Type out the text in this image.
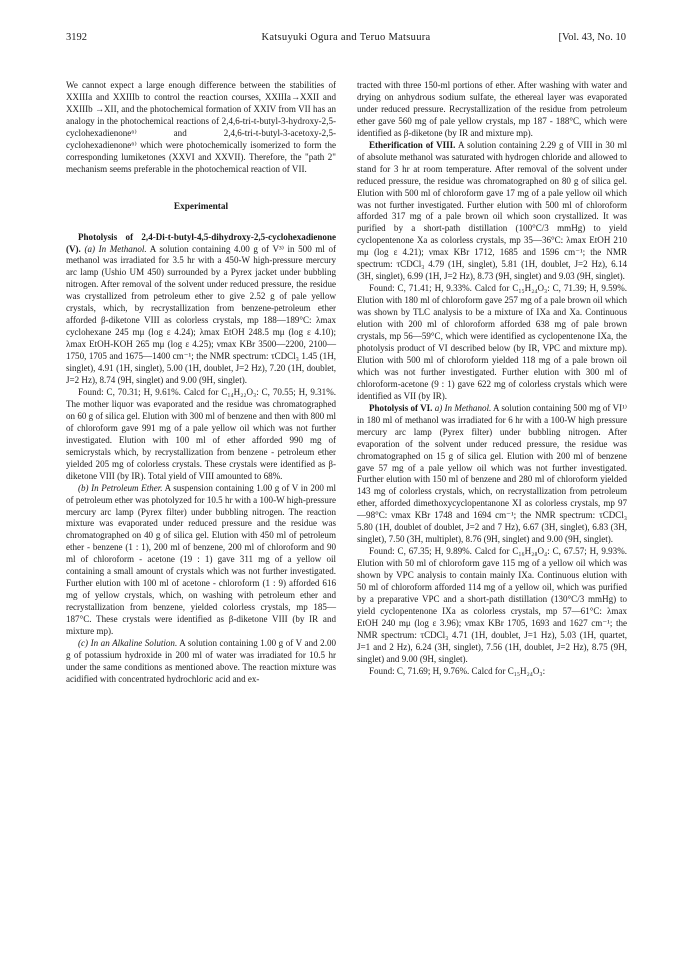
3192	Katsuyuki Ogura and Teruo Matsuura	[Vol. 43, No. 10

We cannot expect a large enough difference between the stabilities of XXIIIa and XXIIIb to control the reaction courses, XXIIIa→XXII and XXIIIb →XII, and the photochemical formation of XXIV from VII has an analogy in the photochemical reactions of 2,4,6-tri-t-butyl-3-hydroxy-2,5-cyclohexadienone⁶⁾ and 2,4,6-tri-t-butyl-3-acetoxy-2,5-cyclohexadienone⁶⁾ which were photochemically isomerized to form the corresponding lumiketones (XXVI and XXVII). Therefore, the "path 2" mechanism seems preferable in the photochemical reaction of VII.

Experimental

Photolysis of 2,4-Di-t-butyl-4,5-dihydroxy-2,5-cyclohexadienone (V). (a) In Methanol. A solution containing 4.00 g of V³⁾ in 500 ml of methanol was irradiated for 3.5 hr with a 450-W high-pressure mercury arc lamp (Ushio UM 450) surrounded by a Pyrex jacket under bubbling nitrogen. After removal of the solvent under reduced pressure, the residue was crystallized from petroleum ether to give 2.52 g of pale yellow crystals, which, by recrystallization from benzene-petroleum ether afforded β-diketone VIII as colorless crystals, mp 188—189°C: λmax cyclohexane 245 mμ (log ε 4.24); λmax EtOH 248.5 mμ (log ε 4.10); λmax EtOH-KOH 265 mμ (log ε 4.25); νmax KBr 3500—2200, 2100—1750, 1705 and 1675—1400 cm⁻¹; the NMR spectrum: τCDCl₃ 1.45 (1H, singlet), 4.91 (1H, singlet), 5.00 (1H, doublet, J=2 Hz), 7.20 (1H, doublet, J=2 Hz), 8.74 (9H, singlet) and 9.00 (9H, singlet).

Found: C, 70.31; H, 9.61%. Calcd for C₁₄H₂₂O₃: C, 70.55; H, 9.31%. The mother liquor was evaporated and the residue was chromatographed on 60 g of silica gel. Elution with 300 ml of benzene and then with 800 ml of chloroform gave 991 mg of a pale yellow oil which was not further investigated. Elution with 100 ml of ether afforded 990 mg of semicrystals which, by recrystallization from benzene - petroleum ether yielded 205 mg of colorless crystals. These crystals were identified as β-diketone VIII (by IR). Total yield of VIII amounted to 68%.

(b) In Petroleum Ether. A suspension containing 1.00 g of V in 200 ml of petroleum ether was photolyzed for 10.5 hr with a 100-W high-pressure mercury arc lamp (Pyrex filter) under bubbling nitrogen. The reaction mixture was evaporated under reduced pressure and the residue was chromatographed on 40 g of silica gel. Elution with 450 ml of petroleum ether - benzene (1 : 1), 200 ml of benzene, 200 ml of chloroform and 90 ml of chloroform - acetone (19 : 1) gave 311 mg of a yellow oil containing a small amount of crystals which was not further investigated. Further elution with 100 ml of acetone - chloroform (1 : 9) afforded 616 mg of yellow crystals, which, on washing with petroleum ether and recrystallization from benzene, yielded colorless crystals, mp 185—187°C. These crystals were identified as β-diketone VIII (by IR and mixture mp).

(c) In an Alkaline Solution. A solution containing 1.00 g of V and 2.00 g of potassium hydroxide in 200 ml of water was irradiated for 10.5 hr under the same conditions as mentioned above. The reaction mixture was acidified with concentrated hydrochloric acid and ex-

tracted with three 150-ml portions of ether. After washing with water and drying on anhydrous sodium sulfate, the ethereal layer was evaporated under reduced pressure. Recrystallization of the residue from petroleum ether gave 560 mg of pale yellow crystals, mp 187 - 188°C, which were identified as β-diketone (by IR and mixture mp).

Etherification of VIII. A solution containing 2.29 g of VIII in 30 ml of absolute methanol was saturated with hydrogen chloride and allowed to stand for 3 hr at room temperature. After removal of the solvent under reduced pressure, the residue was chromatographed on 80 g of silica gel. Elution with 500 ml of chloroform gave 17 mg of a pale yellow oil which was not further investigated. Further elution with 500 ml of chloroform afforded 317 mg of a pale brown oil which soon crystallized. It was purified by a short-path distillation (100°C/3 mmHg) to yield cyclopentenone Xa as colorless crystals, mp 35—36°C: λmax EtOH 210 mμ (log ε 4.21); νmax KBr 1712, 1685 and 1596 cm⁻¹; the NMR spectrum: τCDCl₃ 4.79 (1H, singlet), 5.81 (1H, doublet, J=2 Hz), 6.14 (3H, singlet), 6.99 (1H, J=2 Hz), 8.73 (9H, singlet) and 9.03 (9H, singlet).

Found: C, 71.41; H, 9.33%. Calcd for C₁₅H₂₄O₃: C, 71.39; H, 9.59%. Elution with 180 ml of chloroform gave 257 mg of a pale brown oil which was shown by TLC analysis to be a mixture of IXa and Xa. Continuous elution with 200 ml of chloroform afforded 638 mg of pale brown crystals, mp 56—59°C, which were identified as cyclopentenone IXa, the photolysis product of VI described below (by IR, VPC and mixture mp). Elution with 500 ml of chloroform yielded 118 mg of a pale brown oil which was not further investigated. Further elution with 300 ml of chloroform-acetone (9 : 1) gave 622 mg of colorless crystals which were identified as VII (by IR).

Photolysis of VI. a) In Methanol. A solution containing 500 mg of VI¹⁾ in 180 ml of methanol was irradiated for 6 hr with a 100-W high pressure mercury arc lamp (Pyrex filter) under bubbling nitrogen. After evaporation of the solvent under reduced pressure, the residue was chromatographed on 15 g of silica gel. Elution with 200 ml of benzene gave 57 mg of a pale yellow oil which was not further investigated. Further elution with 150 ml of benzene and 280 ml of chloroform yielded 143 mg of colorless crystals, which, on recrystallization from petroleum ether, afforded dimethoxycyclopentanone XI as colorless crystals, mp 97—98°C: νmax KBr 1748 and 1694 cm⁻¹; the NMR spectrum: τCDCl₃ 5.80 (1H, doublet of doublet, J=2 and 7 Hz), 6.67 (3H, singlet), 6.83 (3H, singlet), 7.50 (3H, multiplet), 8.76 (9H, singlet) and 9.00 (9H, singlet).

Found: C, 67.35; H, 9.89%. Calcd for C₁₆H₂₈O₄: C, 67.57; H, 9.93%. Elution with 50 ml of chloroform gave 115 mg of a yellow oil which was shown by VPC analysis to contain mainly IXa. Continuous elution with 50 ml of chloroform afforded 114 mg of a yellow oil, which was purified by a preparative VPC and a short-path distillation (130°C/3 mmHg) to yield cyclopentenone IXa as colorless crystals, mp 57—61°C: λmax EtOH 240 mμ (log ε 3.96); νmax KBr 1705, 1693 and 1627 cm⁻¹; the NMR spectrum: τCDCl₃ 4.71 (1H, doublet, J=1 Hz), 5.03 (1H, quartet, J=1 and 2 Hz), 6.24 (3H, singlet), 7.56 (1H, doublet, J=2 Hz), 8.75 (9H, singlet) and 9.00 (9H, singlet).

Found: C, 71.69; H, 9.76%. Calcd for C₁₅H₂₄O₃:
